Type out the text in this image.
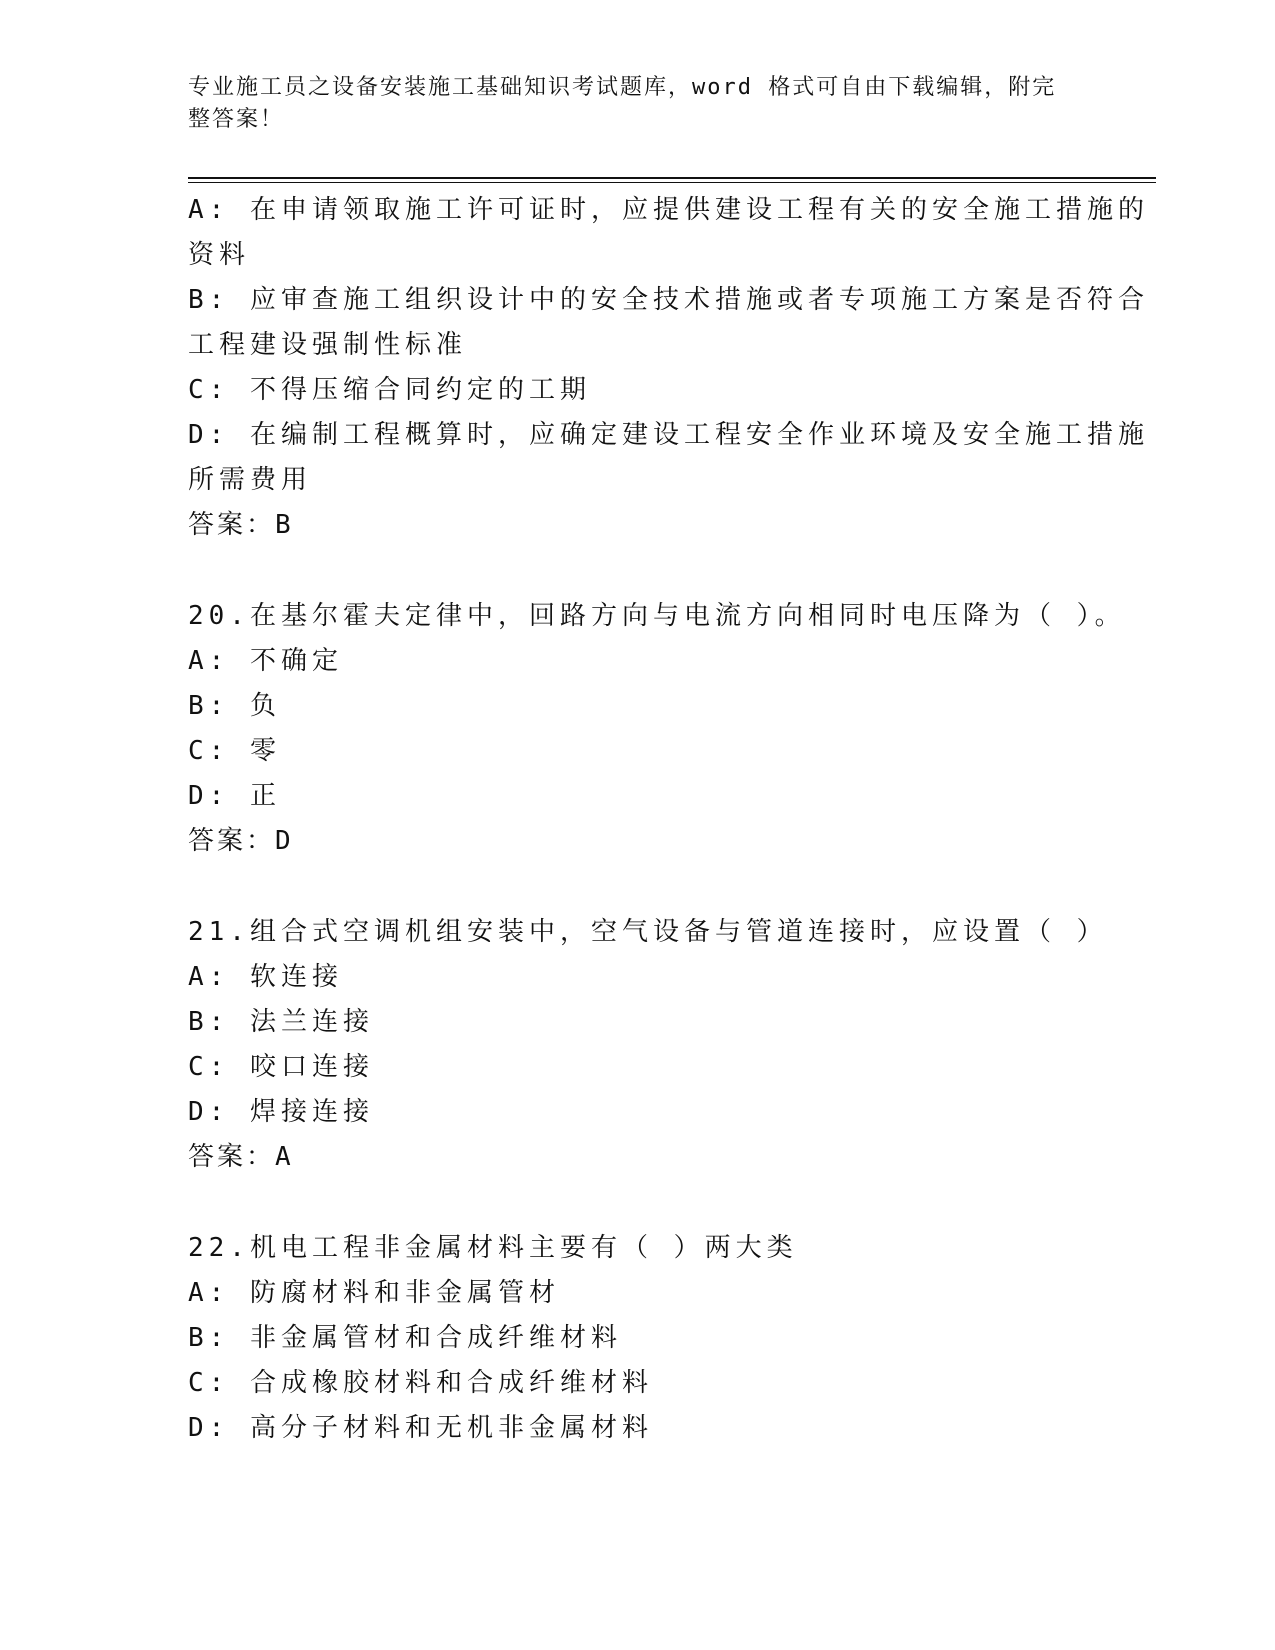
专业施工员之设备安装施工基础知识考试题库，word 格式可自由下载编辑，附完
整答案！
A: 在申请领取施工许可证时，应提供建设工程有关的安全施工措施的
资料
B: 应审查施工组织设计中的安全技术措施或者专项施工方案是否符合
工程建设强制性标准
C: 不得压缩合同约定的工期
D: 在编制工程概算时，应确定建设工程安全作业环境及安全施工措施
所需费用
答案：B
20.在基尔霍夫定律中，回路方向与电流方向相同时电压降为（ ）。
A: 不确定
B: 负
C: 零
D: 正
答案：D
21.组合式空调机组安装中，空气设备与管道连接时，应设置（ ）
A: 软连接
B: 法兰连接
C: 咬口连接
D: 焊接连接
答案：A
22.机电工程非金属材料主要有（ ）两大类
A: 防腐材料和非金属管材
B: 非金属管材和合成纤维材料
C: 合成橡胶材料和合成纤维材料
D: 高分子材料和无机非金属材料
